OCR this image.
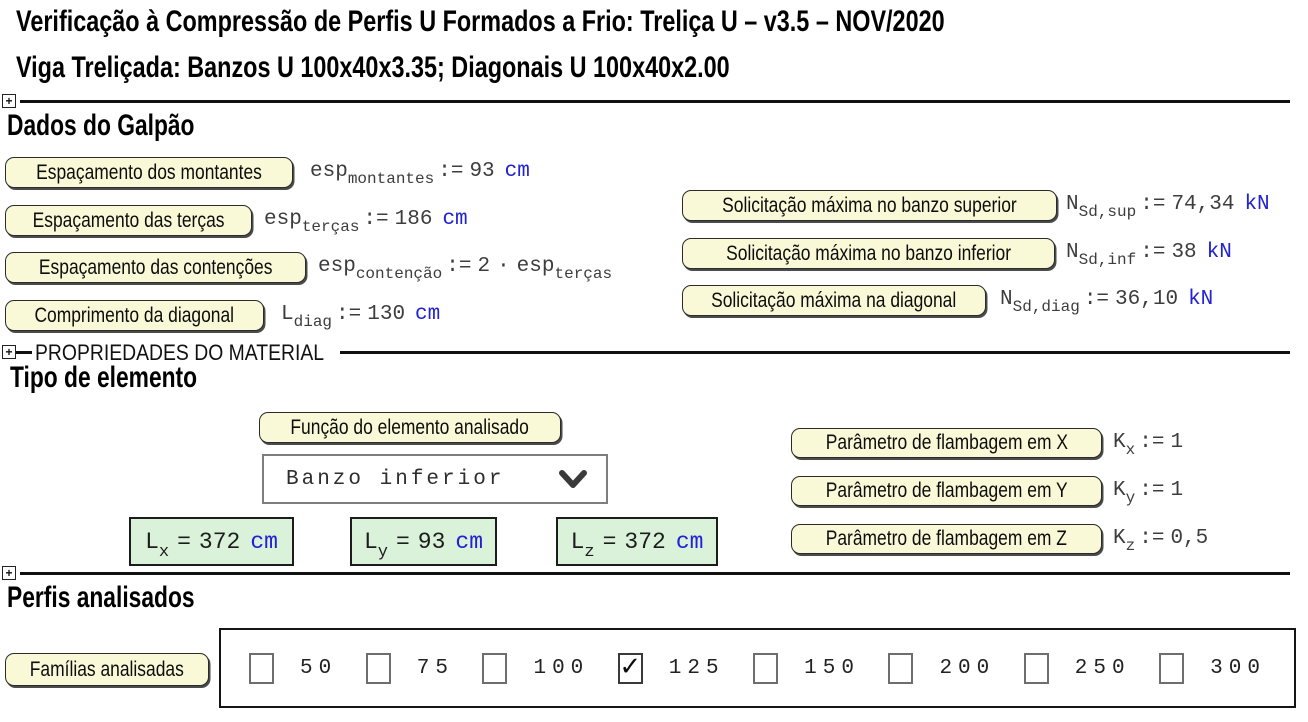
Verificação à Compressão de Perfis U Formados a Frio: Treliça U – v3.5 – NOV/2020
Viga Treliçada: Banzos U 100x40x3.35; Diagonais U 100x40x2.00
+
Dados do Galpão
Espaçamento dos montantes esp montantes := 93 cm
Espaçamento das terças esp terças := 186 cm
Espaçamento das contenções esp contenção := 2 · esp terças
Comprimento da diagonal L diag := 130 cm
Solicitação máxima no banzo superior N Sd,sup := 74,34 kN
Solicitação máxima no banzo inferior	N Sd,inf := 38 kN
Solicitação máxima na diagonal N Sd,diag := 36,10 kN
+ PROPRIEDADES DO MATERIAL
Tipo de elemento
Função do elemento analisado
Banzo inferior
Parâmetro de flambagem em X K x := 1
Parâmetro de flambagem em Y K y := 1
Parâmetro de flambagem em Z K z := 0,5
L x = 372 cm	L y = 93 cm	L z = 372 cm
+
Perfis analisados
Famílias analisadas	50	75	100 ✓ 125	150	200	250	300
